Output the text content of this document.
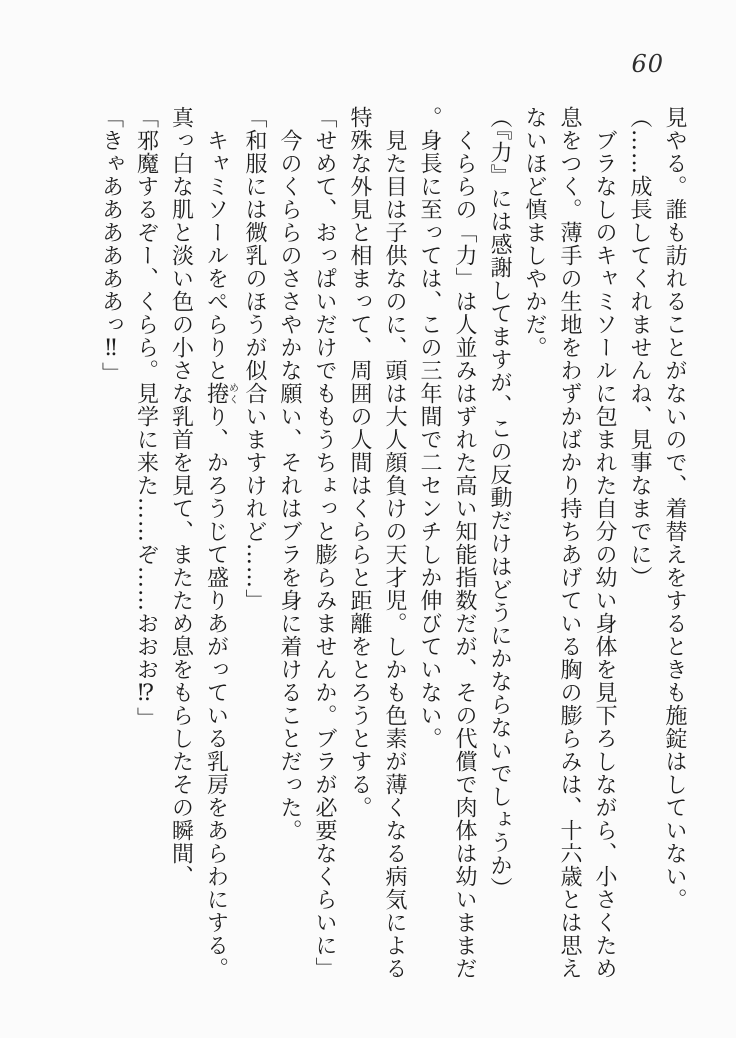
60

見やる。誰も訪れることがないので、着替えをするときも施錠はしていない。

（……成長してくれませんね、見事なまでに）

ブラなしのキャミソールに包まれた自分の幼い身体を見下ろしながら、小さくため息をつく。薄手の生地をわずかばかり持ちあげている胸の膨らみは、十六歳とは思えないほど慎ましやかだ。

（『力』には感謝してますが、この反動だけはどうにかならないでしょうか）

くららの「力」は人並みはずれた高い知能指数だが、その代償で肉体は幼いままだ。身長に至っては、この三年間で二センチしか伸びていない。

見た目は子供なのに、頭は大人顔負けの天才児。しかも色素が薄くなる病気による特殊な外見と相まって、周囲の人間はくららと距離をとろうとする。

「せめて、おっぱいだけでももうちょっと膨らみませんか。ブラが必要なくらいに」

今のくららのささやかな願い、それはブラを身に着けることだった。

「和服には微乳のほうが似合いますけれど……」

キャミソールをぺらりと捲めくり、かろうじて盛りあがっている乳房をあらわにする。真っ白な肌と淡い色の小さな乳首を見て、またため息をもらしたその瞬間、

「邪魔するぞー、くらら。見学に来た……ぞ……おおお⁉」

「きゃああああああっ‼」
